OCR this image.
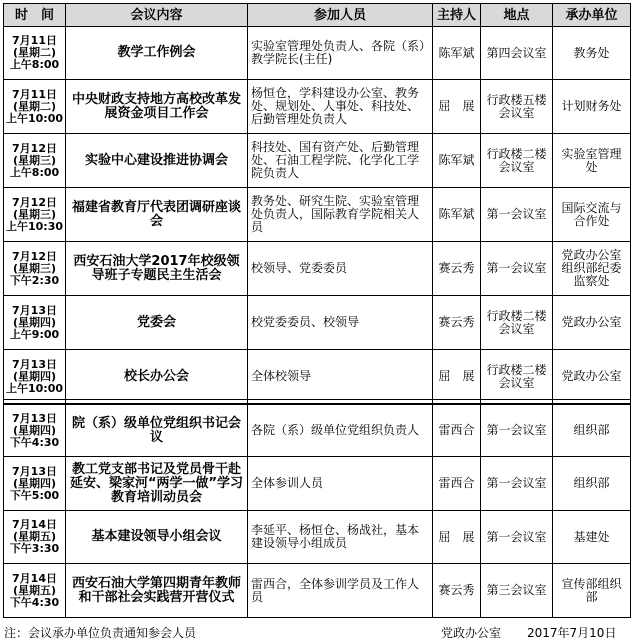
时　间	会议内容	参加人员	主持人	地点	承办单位
7月11日
(星期二)
上午8:00	教学工作例会	实验室管理处负责人、各院（系）教学院长(主任)	陈军斌	第四会议室	教务处
7月11日
(星期二)
上午10:00	中央财政支持地方高校改革发展资金项目工作会	杨恒仓，学科建设办公室、教务处、规划处、人事处、科技处、后勤管理处负责人	屈　展	行政楼五楼会议室	计划财务处
7月12日
(星期三)
上午8:00	实验中心建设推进协调会	科技处、国有资产处、后勤管理处、石油工程学院、化学化工学院负责人	陈军斌	行政楼二楼会议室	实验室管理处
7月12日
(星期三)
上午10:30	福建省教育厅代表团调研座谈会	教务处、研究生院、实验室管理处负责人，国际教育学院相关人员	陈军斌	第一会议室	国际交流与合作处
7月12日
(星期三)
下午2:30	西安石油大学2017年校级领导班子专题民主生活会	校领导、党委委员	赛云秀	第一会议室	党政办公室组织部纪委监察处
7月13日
(星期四)
上午9:00	党委会	校党委委员、校领导	赛云秀	行政楼二楼会议室	党政办公室
7月13日
(星期四)
上午10:00	校长办公会	全体校领导	屈　展	行政楼二楼会议室	党政办公室
7月13日
(星期四)
下午4:30	院（系）级单位党组织书记会议	各院（系）级单位党组织负责人	雷西合	第一会议室	组织部
7月13日
(星期四)
下午5:00	教工党支部书记及党员骨干赴延安、梁家河“两学一做”学习教育培训动员会	全体参训人员	雷西合	第一会议室	组织部
7月14日
(星期五)
下午3:30	基本建设领导小组会议	李延平、杨恒仓、杨战社，基本建设领导小组成员	屈　展	第一会议室	基建处
7月14日
(星期五)
下午4:30	西安石油大学第四期青年教师和干部社会实践营开营仪式	雷西合，全体参训学员及工作人员	赛云秀	第三会议室	宣传部组织部
注：会议承办单位负责通知参会人员	党政办公室 2017年7月10日
